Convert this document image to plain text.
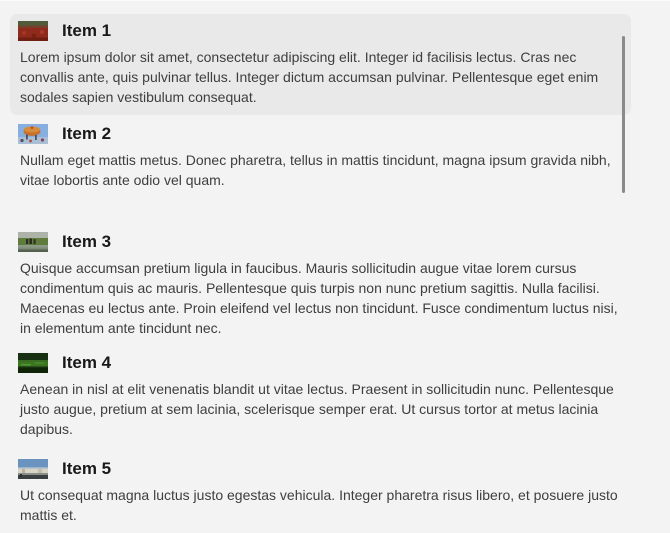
Item 1

Lorem ipsum dolor sit amet, consectetur adipiscing elit. Integer id facilisis lectus. Cras nec convallis ante, quis pulvinar tellus. Integer dictum accumsan pulvinar. Pellentesque eget enim sodales sapien vestibulum consequat.

Item 2

Nullam eget mattis metus. Donec pharetra, tellus in mattis tincidunt, magna ipsum gravida nibh, vitae lobortis ante odio vel quam.

Item 3

Quisque accumsan pretium ligula in faucibus. Mauris sollicitudin augue vitae lorem cursus condimentum quis ac mauris. Pellentesque quis turpis non nunc pretium sagittis. Nulla facilisi. Maecenas eu lectus ante. Proin eleifend vel lectus non tincidunt. Fusce condimentum luctus nisi, in elementum ante tincidunt nec.

Item 4

Aenean in nisl at elit venenatis blandit ut vitae lectus. Praesent in sollicitudin nunc. Pellentesque justo augue, pretium at sem lacinia, scelerisque semper erat. Ut cursus tortor at metus lacinia dapibus.

Item 5

Ut consequat magna luctus justo egestas vehicula. Integer pharetra risus libero, et posuere justo mattis et.
